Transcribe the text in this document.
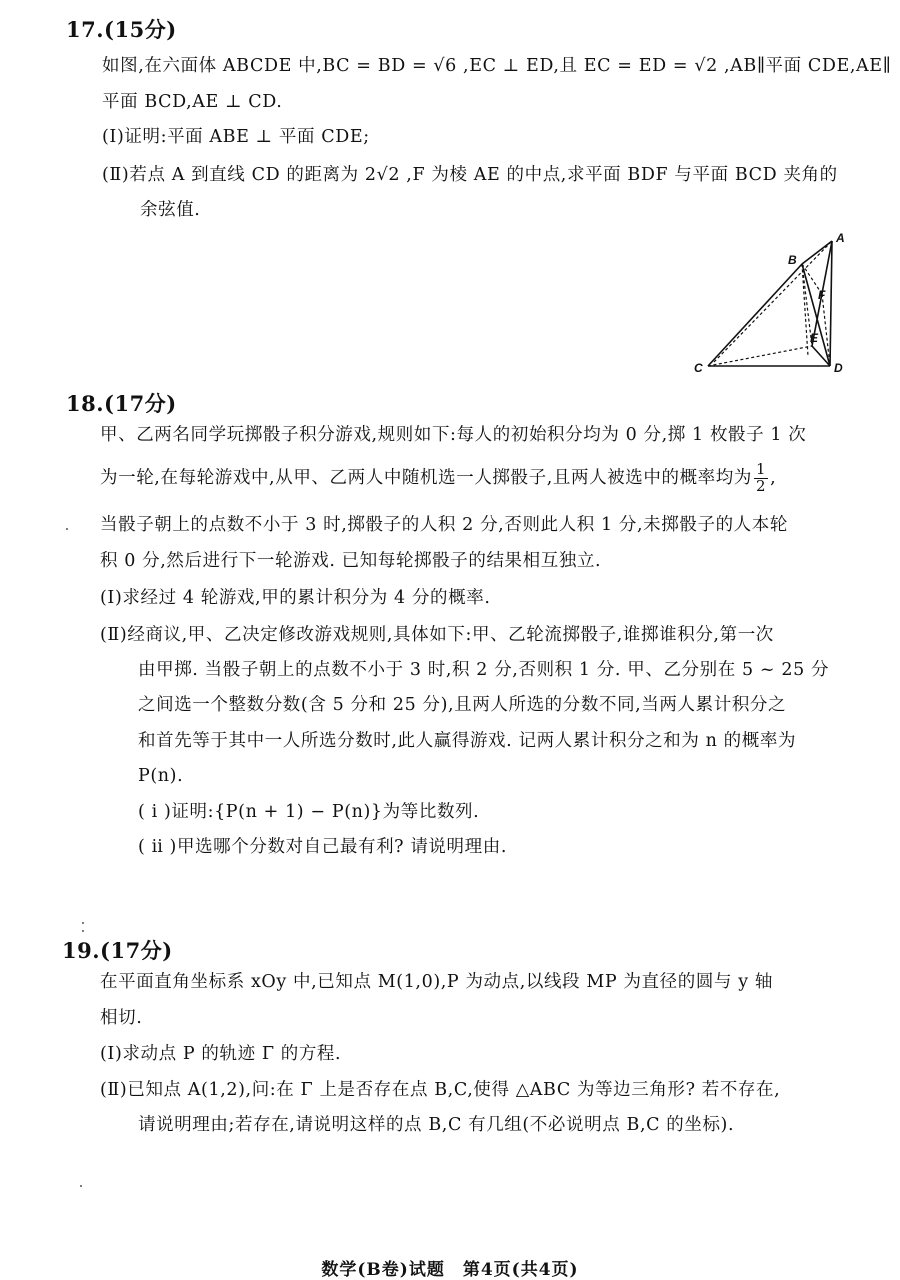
17.(15分)
如图,在六面体 ABCDE 中,BC = BD = √6 ,EC ⊥ ED,且 EC = ED = √2 ,AB∥平面 CDE,AE∥
平面 BCD,AE ⊥ CD.
(Ⅰ)证明:平面 ABE ⊥ 平面 CDE;
(Ⅱ)若点 A 到直线 CD 的距离为 2√2 ,F 为棱 AE 的中点,求平面 BDF 与平面 BCD 夹角的
余弦值.
B
A
F
E
C	D
18.(17分)
甲、乙两名同学玩掷骰子积分游戏,规则如下:每人的初始积分均为 0 分,掷 1 枚骰子 1 次
为一轮,在每轮游戏中,从甲、乙两人中随机选一人掷骰子,且两人被选中的概率均为 $\frac{1}{2}$ ,
当骰子朝上的点数不小于 3 时,掷骰子的人积 2 分,否则此人积 1 分,未掷骰子的人本轮
积 0 分,然后进行下一轮游戏. 已知每轮掷骰子的结果相互独立.
(Ⅰ)求经过 4 轮游戏,甲的累计积分为 4 分的概率.
(Ⅱ)经商议,甲、乙决定修改游戏规则,具体如下:甲、乙轮流掷骰子,谁掷谁积分,第一次
由甲掷. 当骰子朝上的点数不小于 3 时,积 2 分,否则积 1 分. 甲、乙分别在 5 ~ 25 分
之间选一个整数分数(含 5 分和 25 分),且两人所选的分数不同,当两人累计积分之
和首先等于其中一人所选分数时,此人赢得游戏. 记两人累计积分之和为 n 的概率为
P(n).
( ⅰ )证明:{P(n + 1) − P(n)}为等比数列.
( ⅱ )甲选哪个分数对自己最有利? 请说明理由.
19.(17分)
在平面直角坐标系 xOy 中,已知点 M(1,0),P 为动点,以线段 MP 为直径的圆与 y 轴
相切.
(Ⅰ)求动点 P 的轨迹 Γ 的方程.
(Ⅱ)已知点 A(1,2),问:在 Γ 上是否存在点 B,C,使得 △ABC 为等边三角形? 若不存在,
请说明理由;若存在,请说明这样的点 B,C 有几组(不必说明点 B,C 的坐标).
数学(B卷)试题　第4页(共4页)
